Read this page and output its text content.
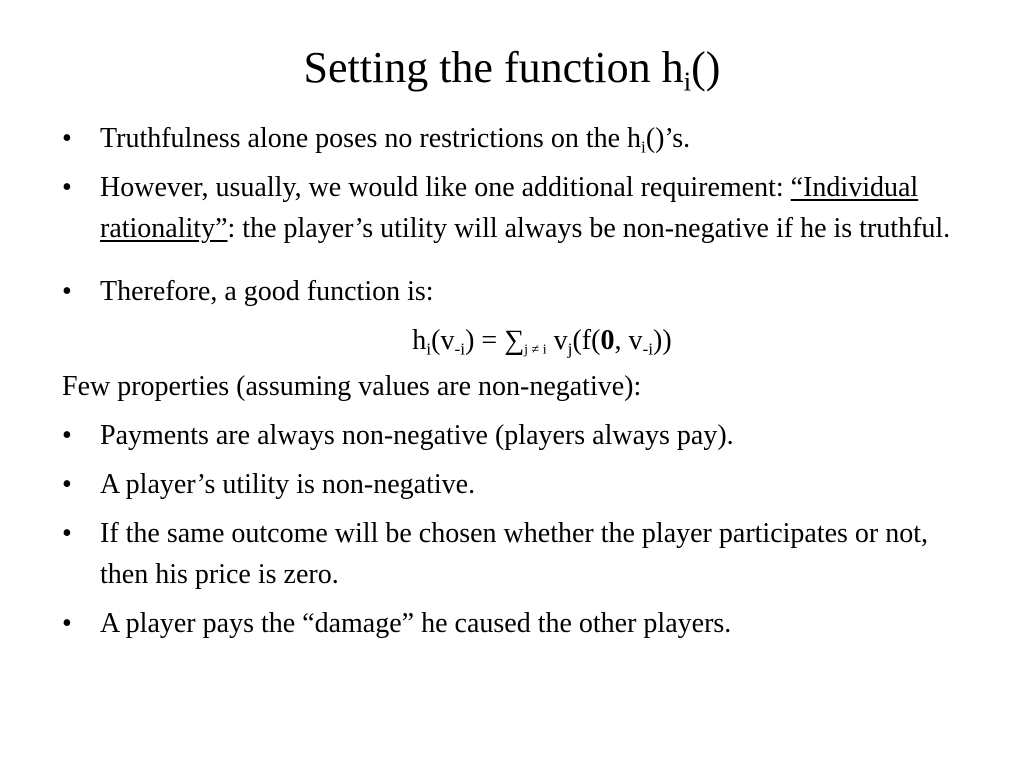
Setting the function $h_i()$
•	Truthfulness alone poses no restrictions on the $h_i()’s$.
•	However, usually, we would like one additional requirement: “Individual rationality”: the player’s utility will always be non-negative if he is truthful.
•	Therefore, a good function is:
$h_i(v_{-i}) = \sum_{j \ne i}$ $v_j(f(0$, $v_{-i}$))
Few properties (assuming values are non-negative):
•	Payments are always non-negative (players always pay).
•	A player’s utility is non-negative.
•	If the same outcome will be chosen whether the player participates or not, then his price is zero.
•	A player pays the “damage” he caused the other players.
